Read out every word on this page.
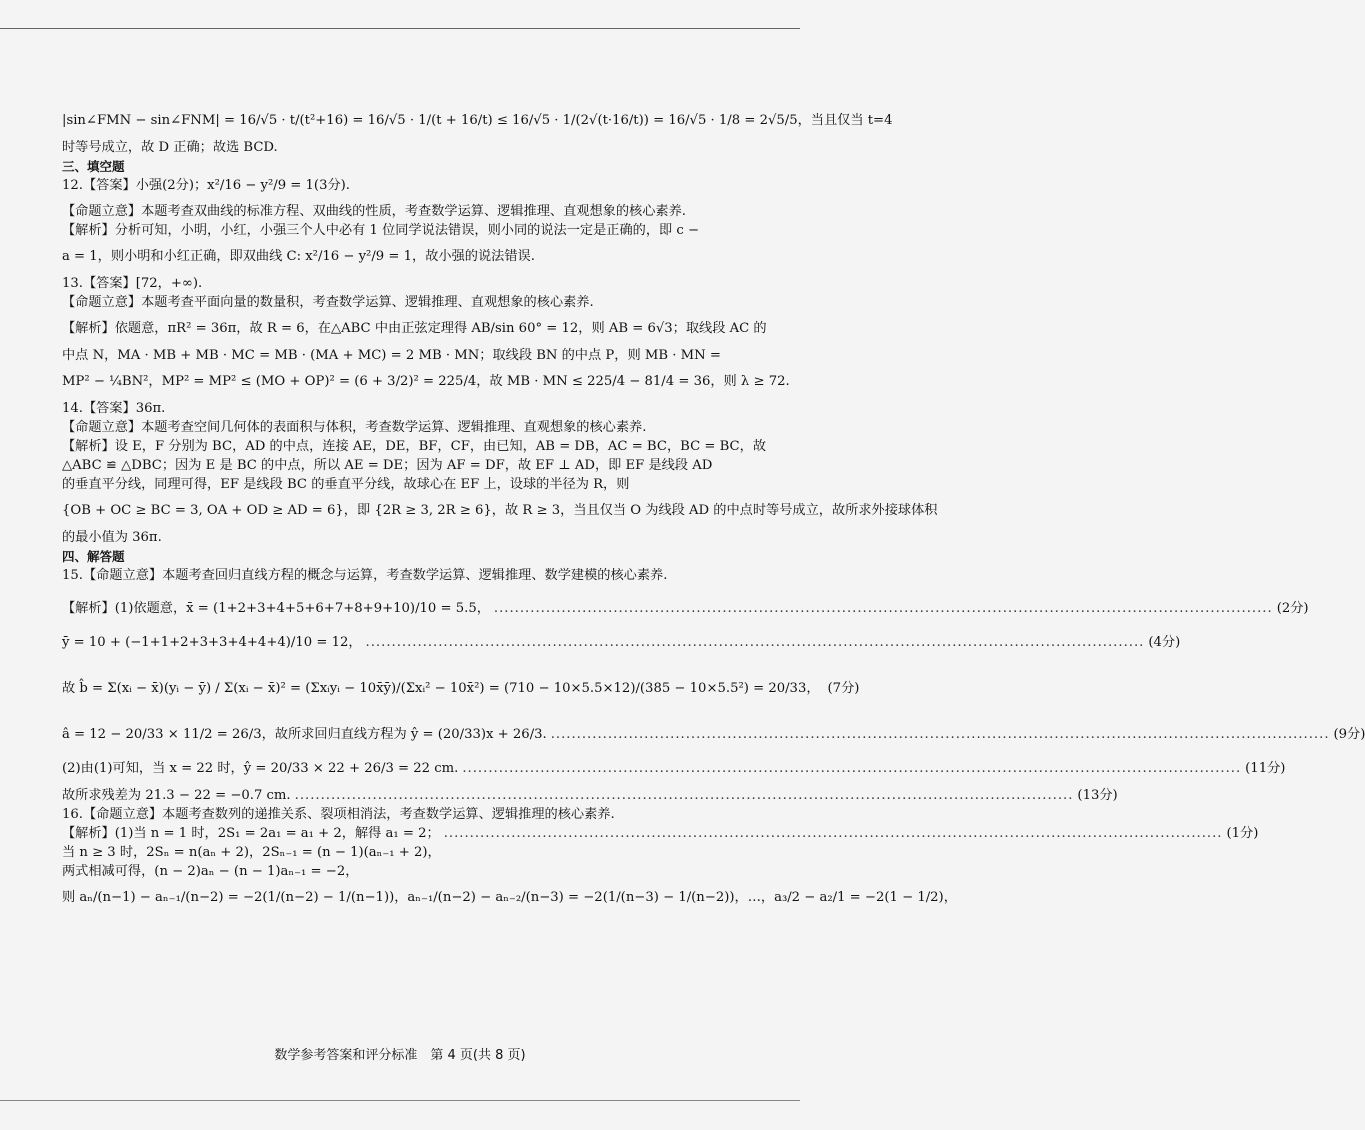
|sin∠FMN − sin∠FNM| = 16/√5 · t/(t²+16) = 16/√5 · 1/(t + 16/t) ≤ 16/√5 · 1/(2√(t·16/t)) = 16/√5 · 1/8 = 2√5/5，当且仅当 t=4
时等号成立，故 D 正确；故选 BCD.
三、填空题
12.【答案】小强(2分)；x²/16 − y²/9 = 1(3分).
【命题立意】本题考查双曲线的标准方程、双曲线的性质，考查数学运算、逻辑推理、直观想象的核心素养.
【解析】分析可知，小明，小红，小强三个人中必有 1 位同学说法错误，则小同的说法一定是正确的，即 c −
a = 1，则小明和小红正确，即双曲线 C: x²/16 − y²/9 = 1，故小强的说法错误.
13.【答案】[72，+∞).
【命题立意】本题考查平面向量的数量积，考查数学运算、逻辑推理、直观想象的核心素养.
【解析】依题意，πR² = 36π，故 R = 6，在△ABC 中由正弦定理得 AB/sin 60° = 12，则 AB = 6√3；取线段 AC 的
中点 N，MA · MB + MB · MC = MB · (MA + MC) = 2 MB · MN；取线段 BN 的中点 P，则 MB · MN =
MP² − ¼BN²，MP² = MP² ≤ (MO + OP)² = (6 + 3/2)² = 225/4，故 MB · MN ≤ 225/4 − 81/4 = 36，则 λ ≥ 72.
14.【答案】36π.
【命题立意】本题考查空间几何体的表面积与体积，考查数学运算、逻辑推理、直观想象的核心素养.
【解析】设 E，F 分别为 BC，AD 的中点，连接 AE，DE，BF，CF，由已知，AB = DB，AC = BC，BC = BC，故
△ABC ≌ △DBC；因为 E 是 BC 的中点，所以 AE = DE；因为 AF = DF，故 EF ⊥ AD，即 EF 是线段 AD
的垂直平分线，同理可得，EF 是线段 BC 的垂直平分线，故球心在 EF 上，设球的半径为 R，则
{OB + OC ≥ BC = 3, OA + OD ≥ AD = 6}，即 {2R ≥ 3, 2R ≥ 6}，故 R ≥ 3，当且仅当 O 为线段 AD 的中点时等号成立，故所求外接球体积
的最小值为 36π.
四、解答题
15.【命题立意】本题考查回归直线方程的概念与运算，考查数学运算、逻辑推理、数学建模的核心素养.
【解析】(1)依题意，x̄ = (1+2+3+4+5+6+7+8+9+10)/10 = 5.5， .....	(2分)
ȳ = 10 + (−1+1+2+3+3+4+4+4)/10 = 12， .....	(4分)
故 b̂ = Σ(xᵢ − x̄)(yᵢ − ȳ) / Σ(xᵢ − x̄)² = (Σxᵢyᵢ − 10x̄ȳ)/(Σxᵢ² − 10x̄²) = (710 − 10×5.5×12)/(385 − 10×5.5²) = 20/33， (7分)
â = 12 − 20/33 × 11/2 = 26/3，故所求回归直线方程为 ŷ = (20/33)x + 26/3. .....	(9分)
(2)由(1)可知，当 x = 22 时，ŷ = 20/33 × 22 + 26/3 = 22 cm. .....	(11分)
故所求残差为 21.3 − 22 = −0.7 cm. .....	(13分)
16.【命题立意】本题考查数列的递推关系、裂项相消法，考查数学运算、逻辑推理的核心素养.
【解析】(1)当 n = 1 时，2S₁ = 2a₁ = a₁ + 2，解得 a₁ = 2； .....	(1分)
当 n ≥ 3 时，2Sₙ = n(aₙ + 2)，2Sₙ₋₁ = (n − 1)(aₙ₋₁ + 2)，
两式相减可得，(n − 2)aₙ − (n − 1)aₙ₋₁ = −2，
则 aₙ/(n−1) − aₙ₋₁/(n−2) = −2(1/(n−2) − 1/(n−1))，aₙ₋₁/(n−2) − aₙ₋₂/(n−3) = −2(1/(n−3) − 1/(n−2))，…，a₃/2 − a₂/1 = −2(1 − 1/2)，
数学参考答案和评分标准　第 4 页(共 8 页)
